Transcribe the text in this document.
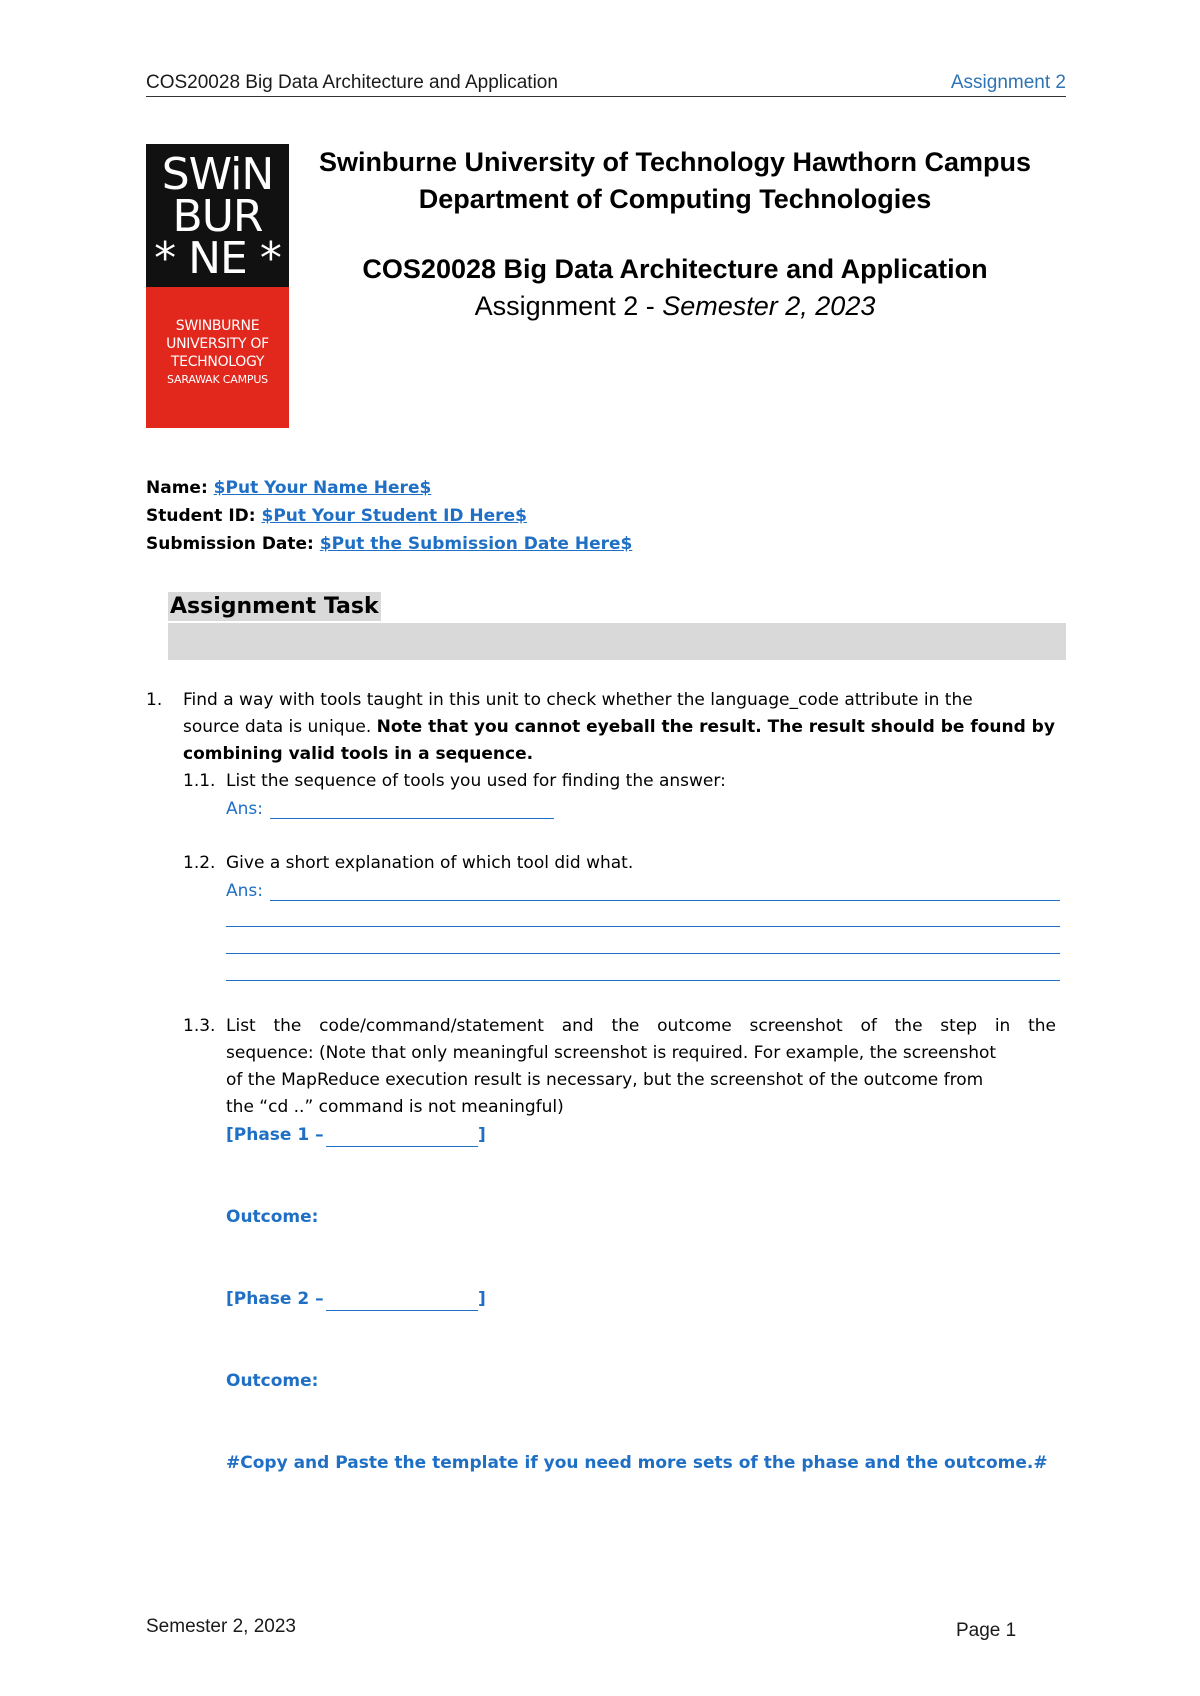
COS20028 Big Data Architecture and Application	Assignment 2
SWiN
BUR
* NE *
SWINBURNE
UNIVERSITY OF
TECHNOLOGY
SARAWAK CAMPUS
Swinburne University of Technology Hawthorn Campus
Department of Computing Technologies
COS20028 Big Data Architecture and Application
Assignment 2 - Semester 2, 2023
Name: $Put Your Name Here$
Student ID: $Put Your Student ID Here$
Submission Date: $Put the Submission Date Here$
Assignment Task
1. Find a way with tools taught in this unit to check whether the language_code attribute in the
source data is unique. Note that you cannot eyeball the result. The result should be found by
combining valid tools in a sequence.
1.1. List the sequence of tools you used for finding the answer:
Ans:
1.2. Give a short explanation of which tool did what.
Ans:
1.3. List the code/command/statement and the outcome screenshot of the step in the
sequence: (Note that only meaningful screenshot is required. For example, the screenshot
of the MapReduce execution result is necessary, but the screenshot of the outcome from
the “cd ..” command is not meaningful)
[Phase 1 –	]
Outcome:
[Phase 2 –	]
Outcome:
#Copy and Paste the template if you need more sets of the phase and the outcome.#
Semester 2, 2023	Page 1
